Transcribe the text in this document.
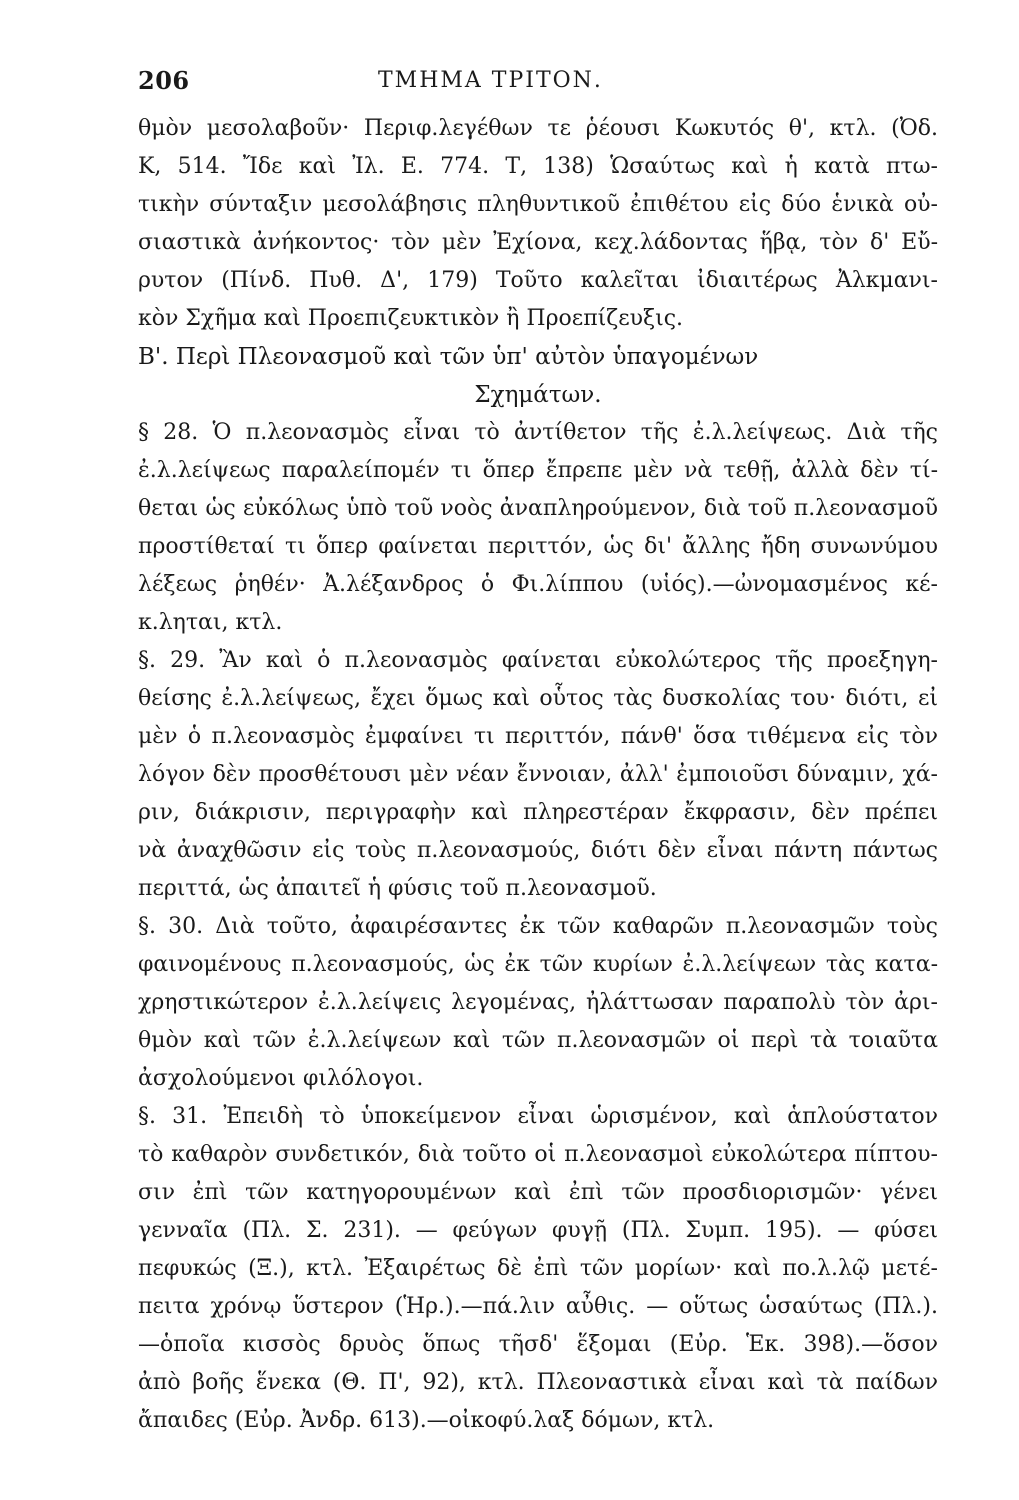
206	ΤΜΗΜΑ ΤΡΙΤΟΝ.
θμὸν μεσολαβοῦν· Περιφ.λεγέθων τε ῥέουσι Κωκυτός θ', κτλ. (Ὀδ.
Κ, 514. Ἴδε καὶ Ἰλ. Ε. 774. Τ, 138) Ὡσαύτως καὶ ἡ κατὰ πτω-
τικὴν σύνταξιν μεσολάβησις πληθυντικοῦ ἐπιθέτου εἰς δύο ἑνικὰ οὐ-
σιαστικὰ ἀνήκοντος· τὸν μὲν Ἐχίονα, κεχ.λάδοντας ἥβᾳ, τὸν δ' Εὔ-
ρυτον (Πίνδ. Πυθ. Δ', 179) Τοῦτο καλεῖται ἰδιαιτέρως Ἀλκμανι-
κὸν Σχῆμα καὶ Προεπιζευκτικὸν ἢ Προεπίζευξις.
Β'. Περὶ Πλεονασμοῦ καὶ τῶν ὑπ' αὐτὸν ὑπαγομένων
Σχημάτων.
§ 28. Ὁ π.λεονασμὸς εἶναι τὸ ἀντίθετον τῆς ἐ.λ.λείψεως. Διὰ τῆς
ἐ.λ.λείψεως παραλείπομέν τι ὅπερ ἔπρεπε μὲν νὰ τεθῇ, ἀλλὰ δὲν τί-
θεται ὡς εὐκόλως ὑπὸ τοῦ νοὸς ἀναπληρούμενον, διὰ τοῦ π.λεονασμοῦ
προστίθεταί τι ὅπερ φαίνεται περιττόν, ὡς δι' ἄλλης ἤδη συνωνύμου
λέξεως ῥηθέν· Ἀ.λέξανδρος ὁ Φι.λίππου (υἱός).—ὠνομασμένος κέ-
κ.ληται, κτλ.
§. 29. Ἂν καὶ ὁ π.λεονασμὸς φαίνεται εὐκολώτερος τῆς προεξηγη-
θείσης ἐ.λ.λείψεως, ἔχει ὅμως καὶ οὗτος τὰς δυσκολίας του· διότι, εἰ
μὲν ὁ π.λεονασμὸς ἐμφαίνει τι περιττόν, πάνθ' ὅσα τιθέμενα εἰς τὸν
λόγον δὲν προσθέτουσι μὲν νέαν ἔννοιαν, ἀλλ' ἐμποιοῦσι δύναμιν, χά-
ριν, διάκρισιν, περιγραφὴν καὶ πληρεστέραν ἔκφρασιν, δὲν πρέπει
νὰ ἀναχθῶσιν εἰς τοὺς π.λεονασμούς, διότι δὲν εἶναι πάντη πάντως
περιττά, ὡς ἀπαιτεῖ ἡ φύσις τοῦ π.λεονασμοῦ.
§. 30. Διὰ τοῦτο, ἀφαιρέσαντες ἐκ τῶν καθαρῶν π.λεονασμῶν τοὺς
φαινομένους π.λεονασμούς, ὡς ἐκ τῶν κυρίων ἐ.λ.λείψεων τὰς κατα-
χρηστικώτερον ἐ.λ.λείψεις λεγομένας, ἠλάττωσαν παραπολὺ τὸν ἀρι-
θμὸν καὶ τῶν ἐ.λ.λείψεων καὶ τῶν π.λεονασμῶν οἱ περὶ τὰ τοιαῦτα
ἀσχολούμενοι φιλόλογοι.
§. 31. Ἐπειδὴ τὸ ὑποκείμενον εἶναι ὡρισμένον, καὶ ἁπλούστατον
τὸ καθαρὸν συνδετικόν, διὰ τοῦτο οἱ π.λεονασμοὶ εὐκολώτερα πίπτου-
σιν ἐπὶ τῶν κατηγορουμένων καὶ ἐπὶ τῶν προσδιορισμῶν· γένει
γενναῖα (Πλ. Σ. 231). — φεύγων φυγῇ (Πλ. Συμπ. 195). — φύσει
πεφυκώς (Ξ.), κτλ. Ἐξαιρέτως δὲ ἐπὶ τῶν μορίων· καὶ πο.λ.λῷ μετέ-
πειτα χρόνῳ ὕστερον (Ἡρ.).—πά.λιν αὖθις. — οὕτως ὡσαύτως (Πλ.).
—ὁποῖα κισσὸς δρυὸς ὅπως τῆσδ' ἕξομαι (Εὐρ. Ἑκ. 398).—ὅσον
ἀπὸ βοῆς ἕνεκα (Θ. Π', 92), κτλ. Πλεοναστικὰ εἶναι καὶ τὰ παίδων
ἄπαιδες (Εὐρ. Ἀνδρ. 613).—οἰκοφύ.λαξ δόμων, κτλ.
